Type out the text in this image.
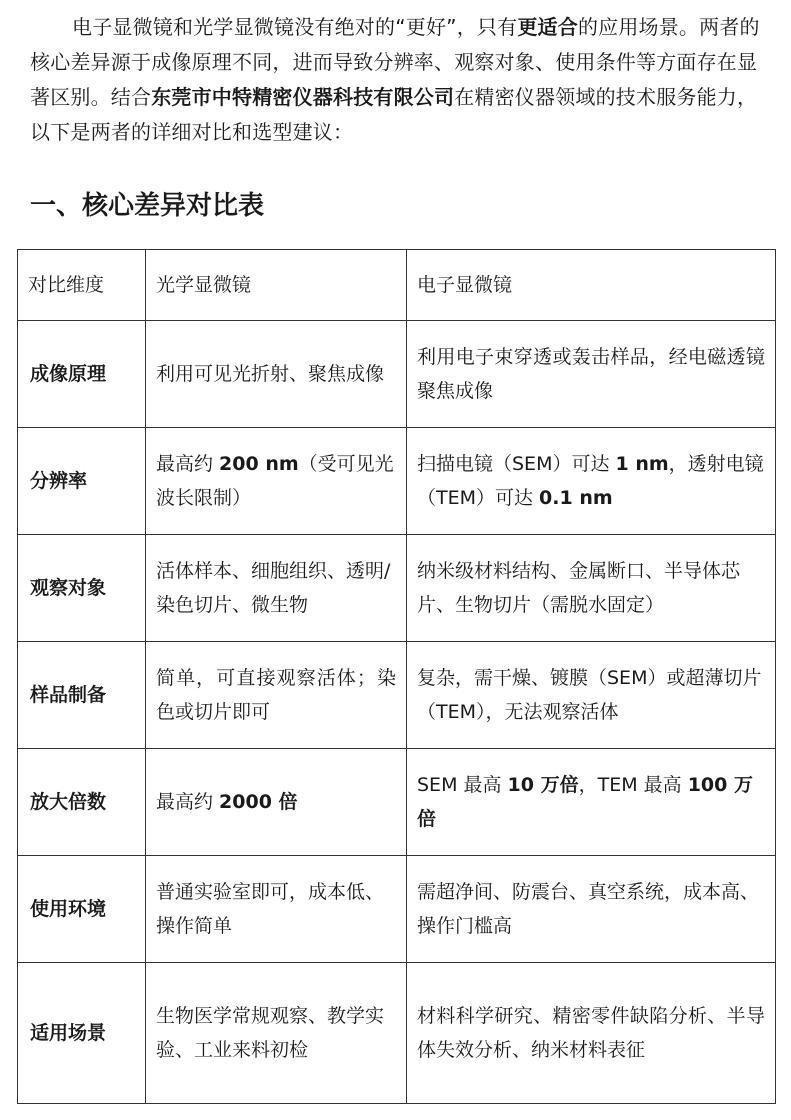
电子显微镜和光学显微镜没有绝对的“更好”，只有更适合的应用场景。两者的核心差异源于成像原理不同，进而导致分辨率、观察对象、使用条件等方面存在显著区别。结合东莞市中特精密仪器科技有限公司在精密仪器领域的技术服务能力，以下是两者的详细对比和选型建议：
一、核心差异对比表
对比维度	光学显微镜	电子显微镜
成像原理	利用可见光折射、聚焦成像	利用电子束穿透或轰击样品，经电磁透镜聚焦成像
分辨率	最高约 200 nm（受可见光波长限制）	扫描电镜（SEM）可达 1 nm，透射电镜（TEM）可达 0.1 nm
观察对象	活体样本、细胞组织、透明/染色切片、微生物	纳米级材料结构、金属断口、半导体芯片、生物切片（需脱水固定）
样品制备	简单，可直接观察活体；染色或切片即可	复杂，需干燥、镀膜（SEM）或超薄切片（TEM），无法观察活体
放大倍数	最高约 2000 倍	SEM 最高 10 万倍，TEM 最高 100 万倍
使用环境	普通实验室即可，成本低、操作简单	需超净间、防震台、真空系统，成本高、操作门槛高
适用场景	生物医学常规观察、教学实验、工业来料初检	材料科学研究、精密零件缺陷分析、半导体失效分析、纳米材料表征
